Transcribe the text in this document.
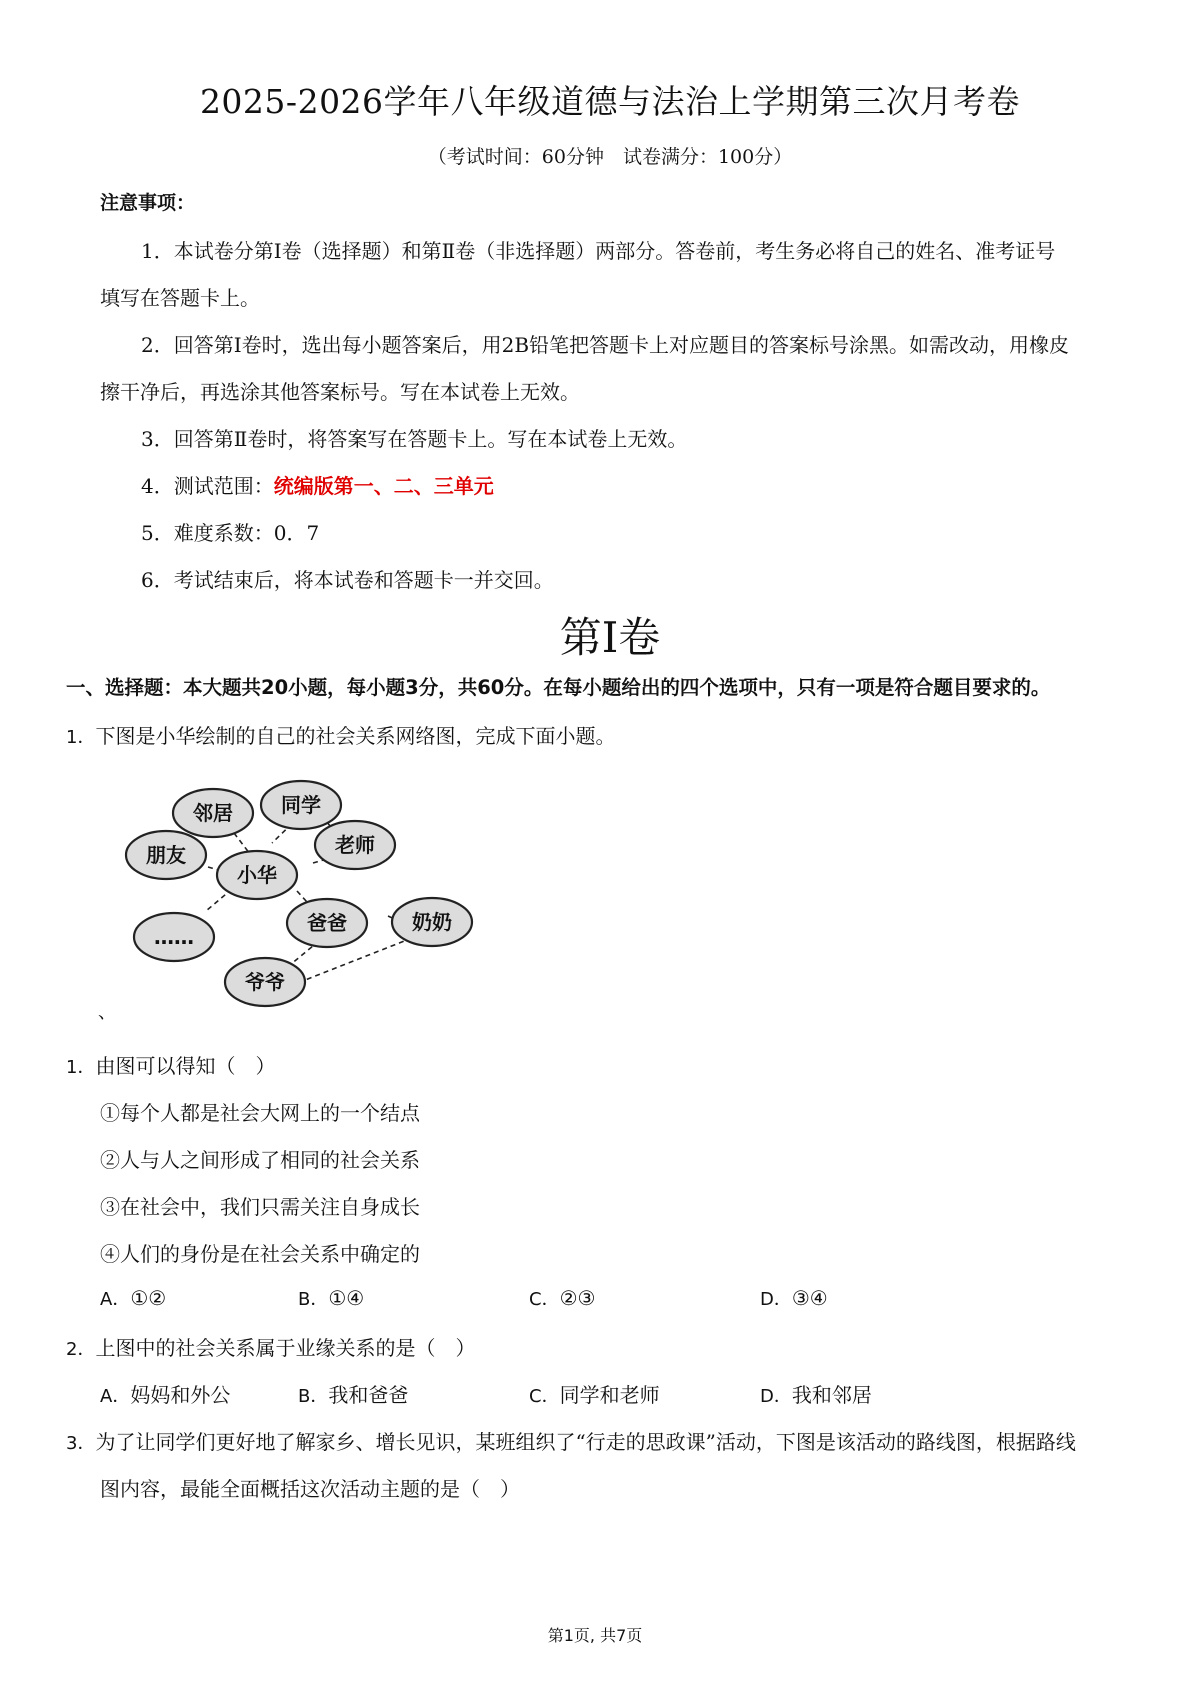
2025-2026学年八年级道德与法治上学期第三次月考卷
（考试时间：60分钟　试卷满分：100分）
注意事项：
1．本试卷分第Ⅰ卷（选择题）和第Ⅱ卷（非选择题）两部分。答卷前，考生务必将自己的姓名、准考证号
填写在答题卡上。
2．回答第Ⅰ卷时，选出每小题答案后，用2B铅笔把答题卡上对应题目的答案标号涂黑。如需改动，用橡皮
擦干净后，再选涂其他答案标号。写在本试卷上无效。
3．回答第Ⅱ卷时，将答案写在答题卡上。写在本试卷上无效。
4．测试范围：统编版第一、二、三单元
5．难度系数：0．7
6．考试结束后，将本试卷和答题卡一并交回。
第Ⅰ卷
一、选择题：本大题共20小题，每小题3分，共60分。在每小题给出的四个选项中，只有一项是符合题目要求的。
1．下图是小华绘制的自己的社会关系网络图，完成下面小题。
邻居 同学
老师
朋友
小华
爸爸	奶奶
……
爷爷
、
1．由图可以得知（　）
①每个人都是社会大网上的一个结点
②人与人之间形成了相同的社会关系
③在社会中，我们只需关注自身成长
④人们的身份是在社会关系中确定的
A．①②	B．①④	C．②③	D．③④
2．上图中的社会关系属于业缘关系的是（　）
A．妈妈和外公	B．我和爸爸	C．同学和老师	D．我和邻居
3．为了让同学们更好地了解家乡、增长见识，某班组织了“行走的思政课”活动，下图是该活动的路线图，根据路线
图内容，最能全面概括这次活动主题的是（　）
第1页, 共7页
